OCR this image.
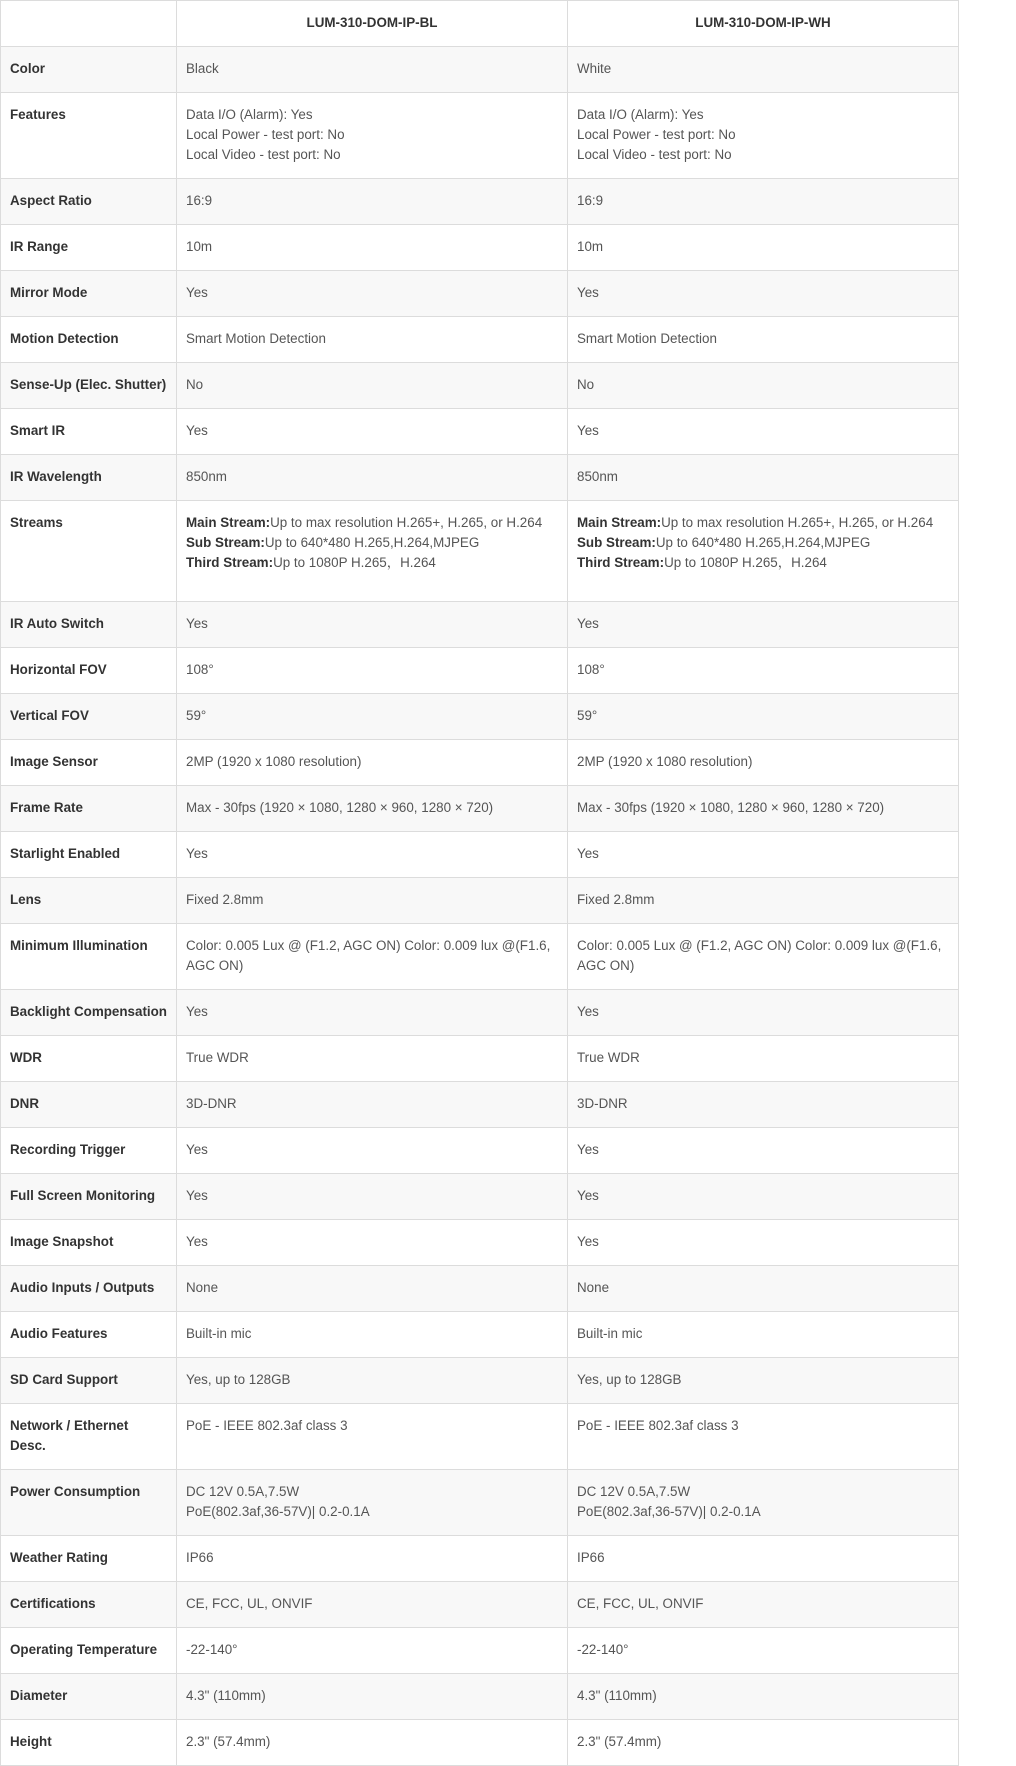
	LUM-310-DOM-IP-BL	LUM-310-DOM-IP-WH
Color	Black	White

Features	Data I/O (Alarm): Yes
Local Power - test port: No
Local Video - test port: No	Data I/O (Alarm): Yes
Local Power - test port: No
Local Video - test port: No

Aspect Ratio	16:9	16:9

IR Range	10m	10m

Mirror Mode	Yes	Yes

Motion Detection	Smart Motion Detection	Smart Motion Detection

Sense-Up (Elec. Shutter)	No	No

Smart IR	Yes	Yes

IR Wavelength	850nm	850nm

Streams	Main Stream:Up to max resolution H.265+, H.265, or H.264
Sub Stream:Up to 640*480 H.265,H.264,MJPEG
Third Stream:Up to 1080P H.265，H.264	Main Stream:Up to max resolution H.265+, H.265, or H.264
Sub Stream:Up to 640*480 H.265,H.264,MJPEG
Third Stream:Up to 1080P H.265，H.264

IR Auto Switch	Yes	Yes

Horizontal FOV	108°	108°

Vertical FOV	59°	59°

Image Sensor	2MP (1920 x 1080 resolution)	2MP (1920 x 1080 resolution)

Frame Rate	Max - 30fps (1920 × 1080, 1280 × 960, 1280 × 720)	Max - 30fps (1920 × 1080, 1280 × 960, 1280 × 720)

Starlight Enabled	Yes	Yes

Lens	Fixed 2.8mm	Fixed 2.8mm

Minimum Illumination	Color: 0.005 Lux @ (F1.2, AGC ON) Color: 0.009 lux @(F1.6, AGC ON)	Color: 0.005 Lux @ (F1.2, AGC ON) Color: 0.009 lux @(F1.6, AGC ON)

Backlight Compensation	Yes	Yes

WDR	True WDR	True WDR

DNR	3D-DNR	3D-DNR

Recording Trigger	Yes	Yes

Full Screen Monitoring	Yes	Yes

Image Snapshot	Yes	Yes

Audio Inputs / Outputs	None	None

Audio Features	Built-in mic	Built-in mic

SD Card Support	Yes, up to 128GB	Yes, up to 128GB

Network / Ethernet Desc.	PoE - IEEE 802.3af class 3	PoE - IEEE 802.3af class 3

Power Consumption	DC 12V 0.5A,7.5W
PoE(802.3af,36-57V)| 0.2-0.1A	DC 12V 0.5A,7.5W
PoE(802.3af,36-57V)| 0.2-0.1A

Weather Rating	IP66	IP66

Certifications	CE, FCC, UL, ONVIF	CE, FCC, UL, ONVIF

Operating Temperature	-22-140°	-22-140°

Diameter	4.3" (110mm)	4.3" (110mm)

Height	2.3" (57.4mm)	2.3" (57.4mm)
